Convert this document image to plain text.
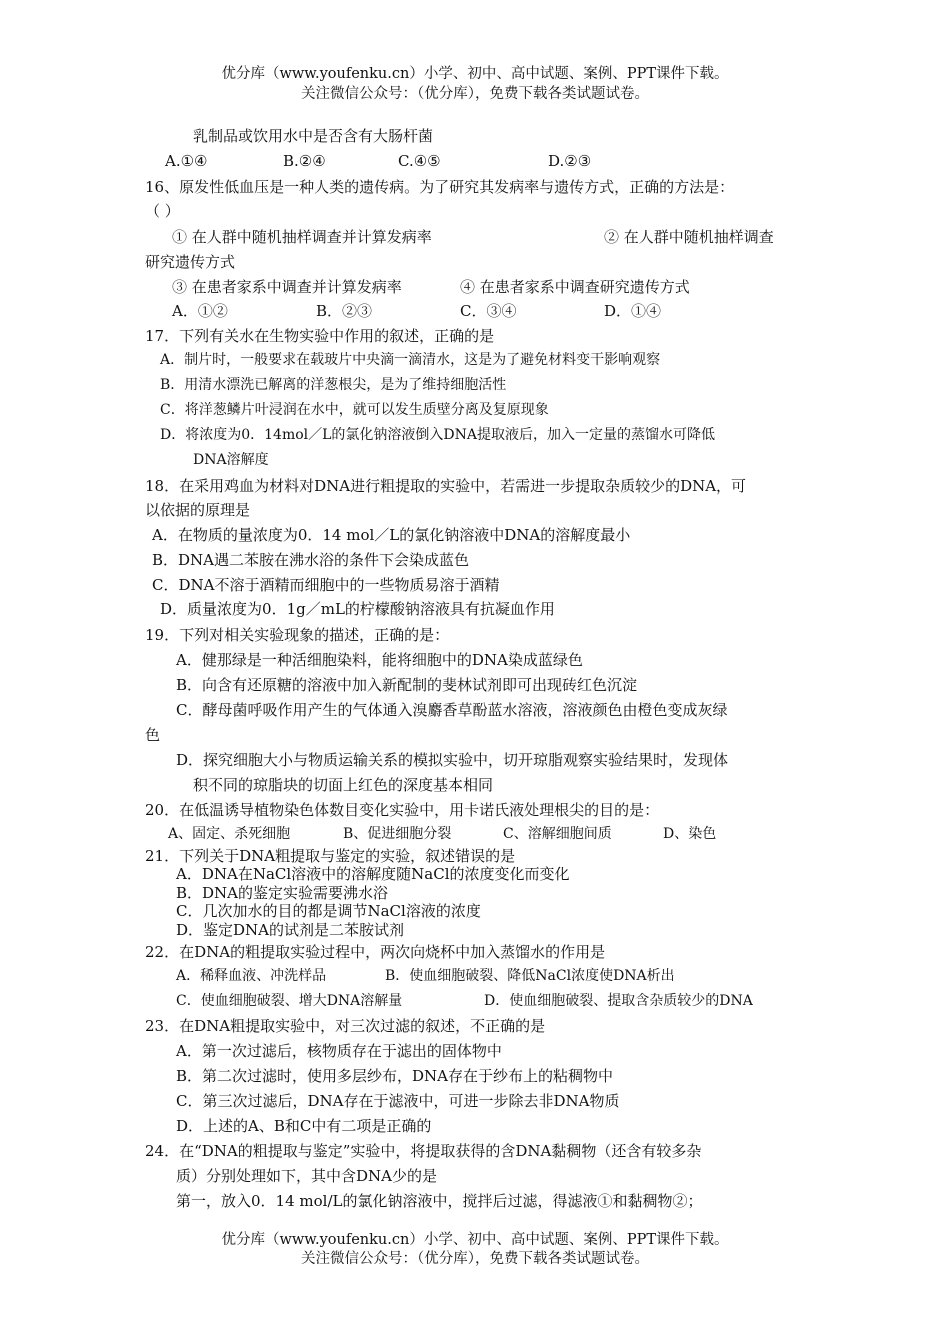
优分库（www.youfenku.cn）小学、初中、高中试题、案例、PPT课件下载。
关注微信公众号：（优分库），免费下载各类试题试卷。
乳制品或饮用水中是否含有大肠杆菌
A.①④	B.②④	C.④⑤	D.②③
16、原发性低血压是一种人类的遗传病。为了研究其发病率与遗传方式，正确的方法是：
（ ）
① 在人群中随机抽样调查并计算发病率	② 在人群中随机抽样调查
研究遗传方式
③ 在患者家系中调查并计算发病率	④ 在患者家系中调查研究遗传方式
A．①②	B．②③	C．③④	D．①④
17．下列有关水在生物实验中作用的叙述，正确的是
A．制片时，一般要求在载玻片中央滴一滴清水，这是为了避免材料变干影响观察
B．用清水漂洗已解离的洋葱根尖，是为了维持细胞活性
C．将洋葱鳞片叶浸润在水中，就可以发生质壁分离及复原现象
D．将浓度为0．14mol／L的氯化钠溶液倒入DNA提取液后，加入一定量的蒸馏水可降低
DNA溶解度
18．在采用鸡血为材料对DNA进行粗提取的实验中，若需进一步提取杂质较少的DNA，可
以依据的原理是
A．在物质的量浓度为0．14 mol／L的氯化钠溶液中DNA的溶解度最小
B．DNA遇二苯胺在沸水浴的条件下会染成蓝色
C．DNA不溶于酒精而细胞中的一些物质易溶于酒精
D．质量浓度为0．1g／mL的柠檬酸钠溶液具有抗凝血作用
19．下列对相关实验现象的描述，正确的是：
A．健那绿是一种活细胞染料，能将细胞中的DNA染成蓝绿色
B．向含有还原糖的溶液中加入新配制的斐林试剂即可出现砖红色沉淀
C．酵母菌呼吸作用产生的气体通入溴麝香草酚蓝水溶液，溶液颜色由橙色变成灰绿
色
D．探究细胞大小与物质运输关系的模拟实验中，切开琼脂观察实验结果时，发现体
积不同的琼脂块的切面上红色的深度基本相同
20．在低温诱导植物染色体数目变化实验中，用卡诺氏液处理根尖的目的是：
A、固定、杀死细胞	B、促进细胞分裂	C、溶解细胞间质	D、染色
21．下列关于DNA粗提取与鉴定的实验，叙述错误的是
A．DNA在NaCl溶液中的溶解度随NaCl的浓度变化而变化
B．DNA的鉴定实验需要沸水浴
C．几次加水的目的都是调节NaCl溶液的浓度
D．鉴定DNA的试剂是二苯胺试剂
22．在DNA的粗提取实验过程中，两次向烧杯中加入蒸馏水的作用是
A．稀释血液、冲洗样品	B．使血细胞破裂、降低NaCl浓度使DNA析出
C．使血细胞破裂、增大DNA溶解量	D．使血细胞破裂、提取含杂质较少的DNA
23．在DNA粗提取实验中，对三次过滤的叙述，不正确的是
A．第一次过滤后，核物质存在于滤出的固体物中
B．第二次过滤时，使用多层纱布，DNA存在于纱布上的粘稠物中
C．第三次过滤后，DNA存在于滤液中，可进一步除去非DNA物质
D．上述的A、B和C中有二项是正确的
24．在“DNA的粗提取与鉴定”实验中，将提取获得的含DNA黏稠物（还含有较多杂
质）分别处理如下，其中含DNA少的是
第一，放入0．14 mol/L的氯化钠溶液中，搅拌后过滤，得滤液①和黏稠物②；
优分库（www.youfenku.cn）小学、初中、高中试题、案例、PPT课件下载。
关注微信公众号：（优分库），免费下载各类试题试卷。
